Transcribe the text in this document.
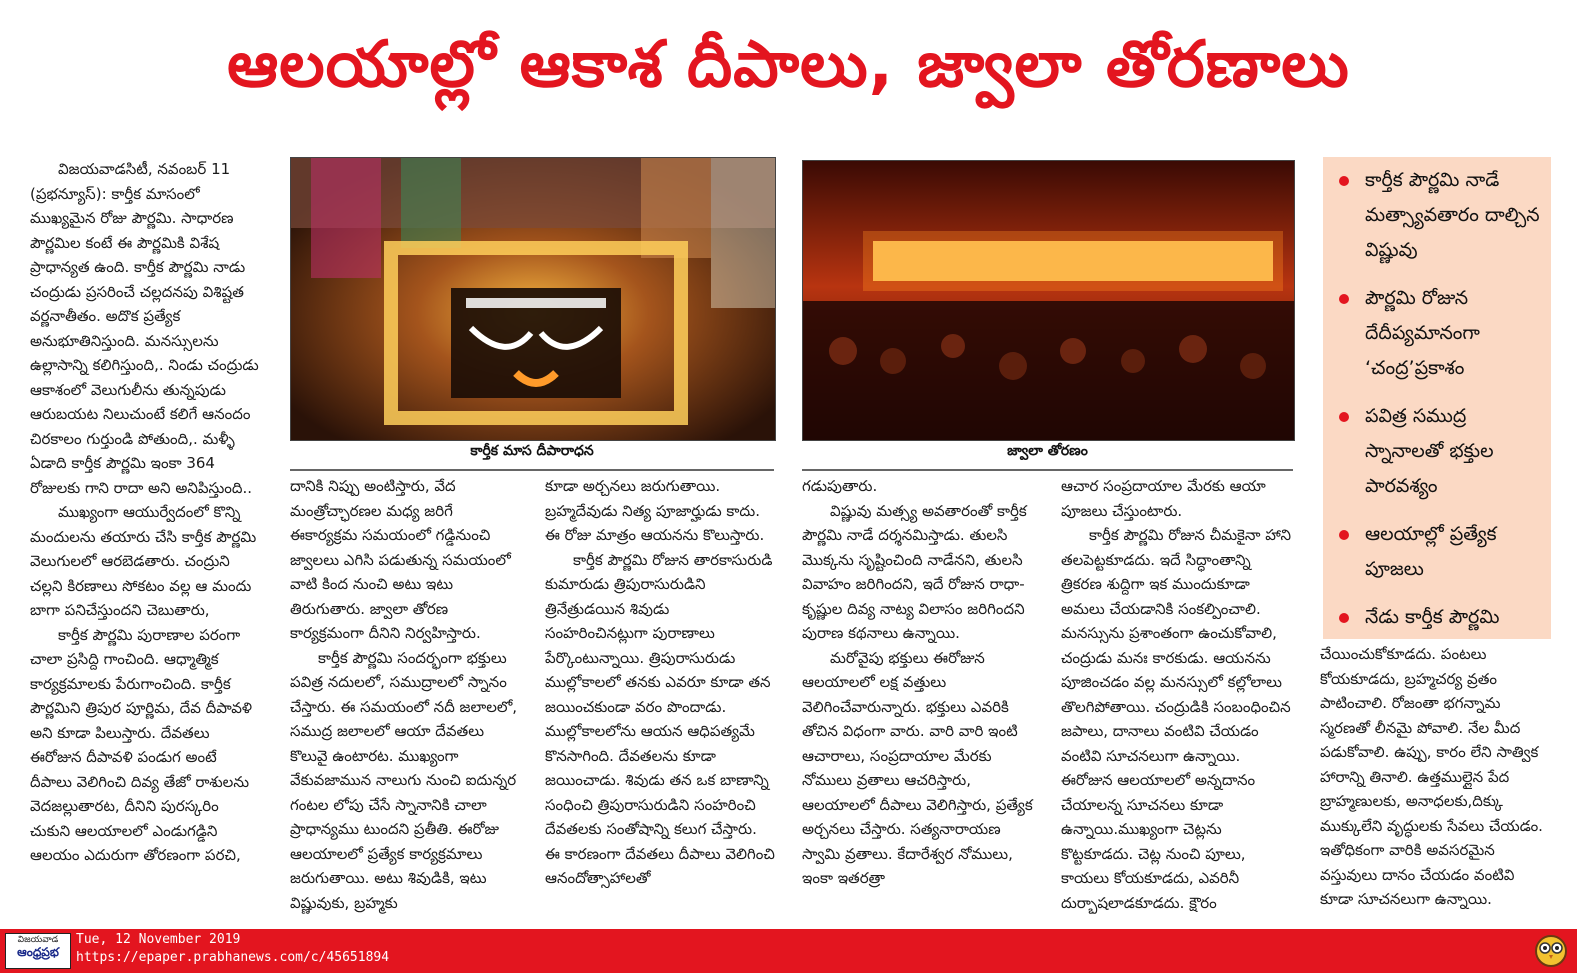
ఆలయాల్లో ఆకాశ దీపాలు, జ్వాలా తోరణాలు

విజయవాడసిటీ, నవంబర్ 11 (ప్రభన్యూస్): కార్తీక మాసంలో ముఖ్యమైన రోజు పౌర్ణమి. సాధారణ పౌర్ణమిల కంటే ఈ పౌర్ణమికి విశేష ప్రాధాన్యత ఉంది. కార్తీక పౌర్ణమి నాడు చంద్రుడు ప్రసరించే చల్లదనపు విశిష్టత వర్ణనాతీతం. అదొక ప్రత్యేక అనుభూతినిస్తుంది. మనస్సులను ఉల్లాసాన్ని కలిగిస్తుంది,. నిండు చంద్రుడు ఆకాశంలో వెలుగులీను తున్నపుడు ఆరుబయట నిలుచుంటే కలిగే ఆనందం చిరకాలం గుర్తుండి పోతుంది,. మళ్ళీ ఏడాది కార్తీక పౌర్ణమి ఇంకా 364 రోజులకు గాని రాదా అని అనిపిస్తుంది..

ముఖ్యంగా ఆయుర్వేదంలో కొన్ని మందులను తయారు చేసి కార్తీక పౌర్ణమి వెలుగులలో ఆరబెడతారు. చంద్రుని చల్లని కిరణాలు సోకటం వల్ల ఆ మందు బాగా పనిచేస్తుందని చెబుతారు,

కార్తీక పౌర్ణమి పురాణాల పరంగా చాలా ప్రసిద్ది గాంచింది. ఆధ్మాత్మిక కార్యక్రమాలకు పేరుగాంచింది. కార్తీక పౌర్ణమిని త్రిపుర పూర్ణిమ, దేవ దీపావళి అని కూడా పిలుస్తారు. దేవతలు ఈరోజున దీపావళి పండుగ అంటే దీపాలు వెలిగించి దివ్య తేజో రాశులను వెదజల్లుతారట, దీనిని పురస్కరిం చుకుని ఆలయాలలో ఎండుగడ్డిని ఆలయం ఎదురుగా తోరణంగా పరచి,

కార్తీక మాస దీపారాధన	జ్వాలా తోరణం

దానికి నిప్పు అంటిస్తారు, వేద మంత్రోచ్ఛారణల మధ్య జరిగే ఈకార్యక్రమ సమయంలో గడ్డినుంచి జ్వాలలు ఎగిసి పడుతున్న సమయంలో వాటి కింద నుంచి అటు ఇటు తిరుగుతారు. జ్వాలా తోరణ కార్యక్రమంగా దీనిని నిర్వహిస్తారు.

కార్తీక పౌర్ణమి సందర్భంగా భక్తులు పవిత్ర నదులలో, సముద్రాలలో స్నానం చేస్తారు. ఈ సమయంలో నదీ జలాలలో, సముద్ర జలాలలో ఆయా దేవతలు కొలువై ఉంటారట. ముఖ్యంగా వేకువజామున నాలుగు నుంచి ఐదున్నర గంటల లోపు చేసే స్నానానికి చాలా ప్రాధాన్యము టుందని ప్రతీతి. ఈరోజు ఆలయాలలో ప్రత్యేక కార్యక్రమాలు జరుగుతాయి. అటు శివుడికి, ఇటు విష్ణువుకు, బ్రహ్మకు

కూడా అర్చనలు జరుగుతాయి. బ్రహ్మదేవుడు నిత్య పూజార్హుడు కాదు. ఈ రోజు మాత్రం ఆయనను కొలుస్తారు.

కార్తీక పౌర్ణమి రోజున తారకాసురుడి కుమారుడు త్రిపురాసురుడిని త్రినేత్రుడయిన శివుడు సంహరించినట్లుగా పురాణాలు పేర్కొంటున్నాయి. త్రిపురాసురుడు ముల్లోకాలలో తనకు ఎవరూ కూడా తన జయించకుండా వరం పొందాడు. ముల్లోకాలలోను ఆయన ఆధిపత్యమే కొనసాగింది. దేవతలను కూడా జయించాడు. శివుడు తన ఒక బాణాన్ని సంధించి త్రిపురాసురుడిని సంహరించి దేవతలకు సంతోషాన్ని కలుగ చేస్తారు. ఈ కారణంగా దేవతలు దీపాలు వెలిగించి ఆనందోత్సాహాలతో

గడుపుతారు.

విష్ణువు మత్స్య అవతారంతో కార్తీక పౌర్ణమి నాడే దర్శనమిస్తాడు. తులసి మొక్కను సృష్టించింది నాడేనని, తులసి వివాహం జరిగిందని, ఇదే రోజున రాధా- కృష్ణుల దివ్య నాట్య విలాసం జరిగిందని పురాణ కథనాలు ఉన్నాయి.

మరోవైపు భక్తులు ఈరోజున ఆలయాలలో లక్ష వత్తులు వెలిగించేవారున్నారు. భక్తులు ఎవరికి తోచిన విధంగా వారు. వారి వారి ఇంటి ఆచారాలు, సంప్రదాయాల మేరకు నోములు వ్రతాలు ఆచరిస్తారు, ఆలయాలలో దీపాలు వెలిగిస్తారు, ప్రత్యేక అర్చనలు చేస్తారు. సత్యనారాయణ స్వామి వ్రతాలు. కేదారేశ్వర నోములు, ఇంకా ఇతరత్రా

ఆచార సంప్రదాయాల మేరకు ఆయా పూజలు చేస్తుంటారు.

కార్తీక పౌర్ణమి రోజున చీమకైనా హాని తలపెట్టకూడదు. ఇదే సిద్ధాంతాన్ని త్రికరణ శుద్దిగా ఇక ముందుకూడా అమలు చేయడానికి సంకల్పించాలి. మనస్సును ప్రశాంతంగా ఉంచుకోవాలి, చంద్రుడు మనః కారకుడు. ఆయనను పూజించడం వల్ల మనస్సులో కల్లోలాలు తొలగిపోతాయి. చంద్రుడికి సంబంధించిన జపాలు, దానాలు వంటివి చేయడం వంటివి సూచనలుగా ఉన్నాయి. ఈరోజున ఆలయాలలో అన్నదానం చేయాలన్న సూచనలు కూడా ఉన్నాయి.ముఖ్యంగా చెట్లను కొట్టకూడదు. చెట్ల నుంచి పూలు, కాయలు కోయకూడదు, ఎవరినీ దుర్భాషలాడకూడదు. క్షౌరం

కార్తీక పౌర్ణమి నాడే మత్స్యావతారం దాల్చిన విష్ణువు
పౌర్ణమి రోజున దేదీప్యమానంగా ‘చంద్ర’ప్రకాశం
పవిత్ర సముద్ర స్నానాలతో భక్తుల పారవశ్యం
ఆలయాల్లో ప్రత్యేక పూజలు
నేడు కార్తీక పౌర్ణమి

చేయించుకోకూడదు. పంటలు కోయకూడదు, బ్రహ్మచర్య వ్రతం పాటించాలి. రోజంతా భగన్నామ స్మరణతో లీనమై పోవాలి. నేల మీద పడుకోవాలి. ఉప్పు, కారం లేని సాత్విక హారాన్ని తినాలి. ఉత్తముల్లైన పేద బ్రాహ్మణులకు, అనాధలకు,దిక్కు ముక్కులేని వృద్ధులకు సేవలు చేయడం. ఇతోధికంగా వారికి అవసరమైన వస్తువులు దానం చేయడం వంటివి కూడా సూచనలుగా ఉన్నాయి.

విజయవాడ
ఆంధ్రప్రభ
Tue, 12 November 2019
https://epaper.prabhanews.com/c/45651894
